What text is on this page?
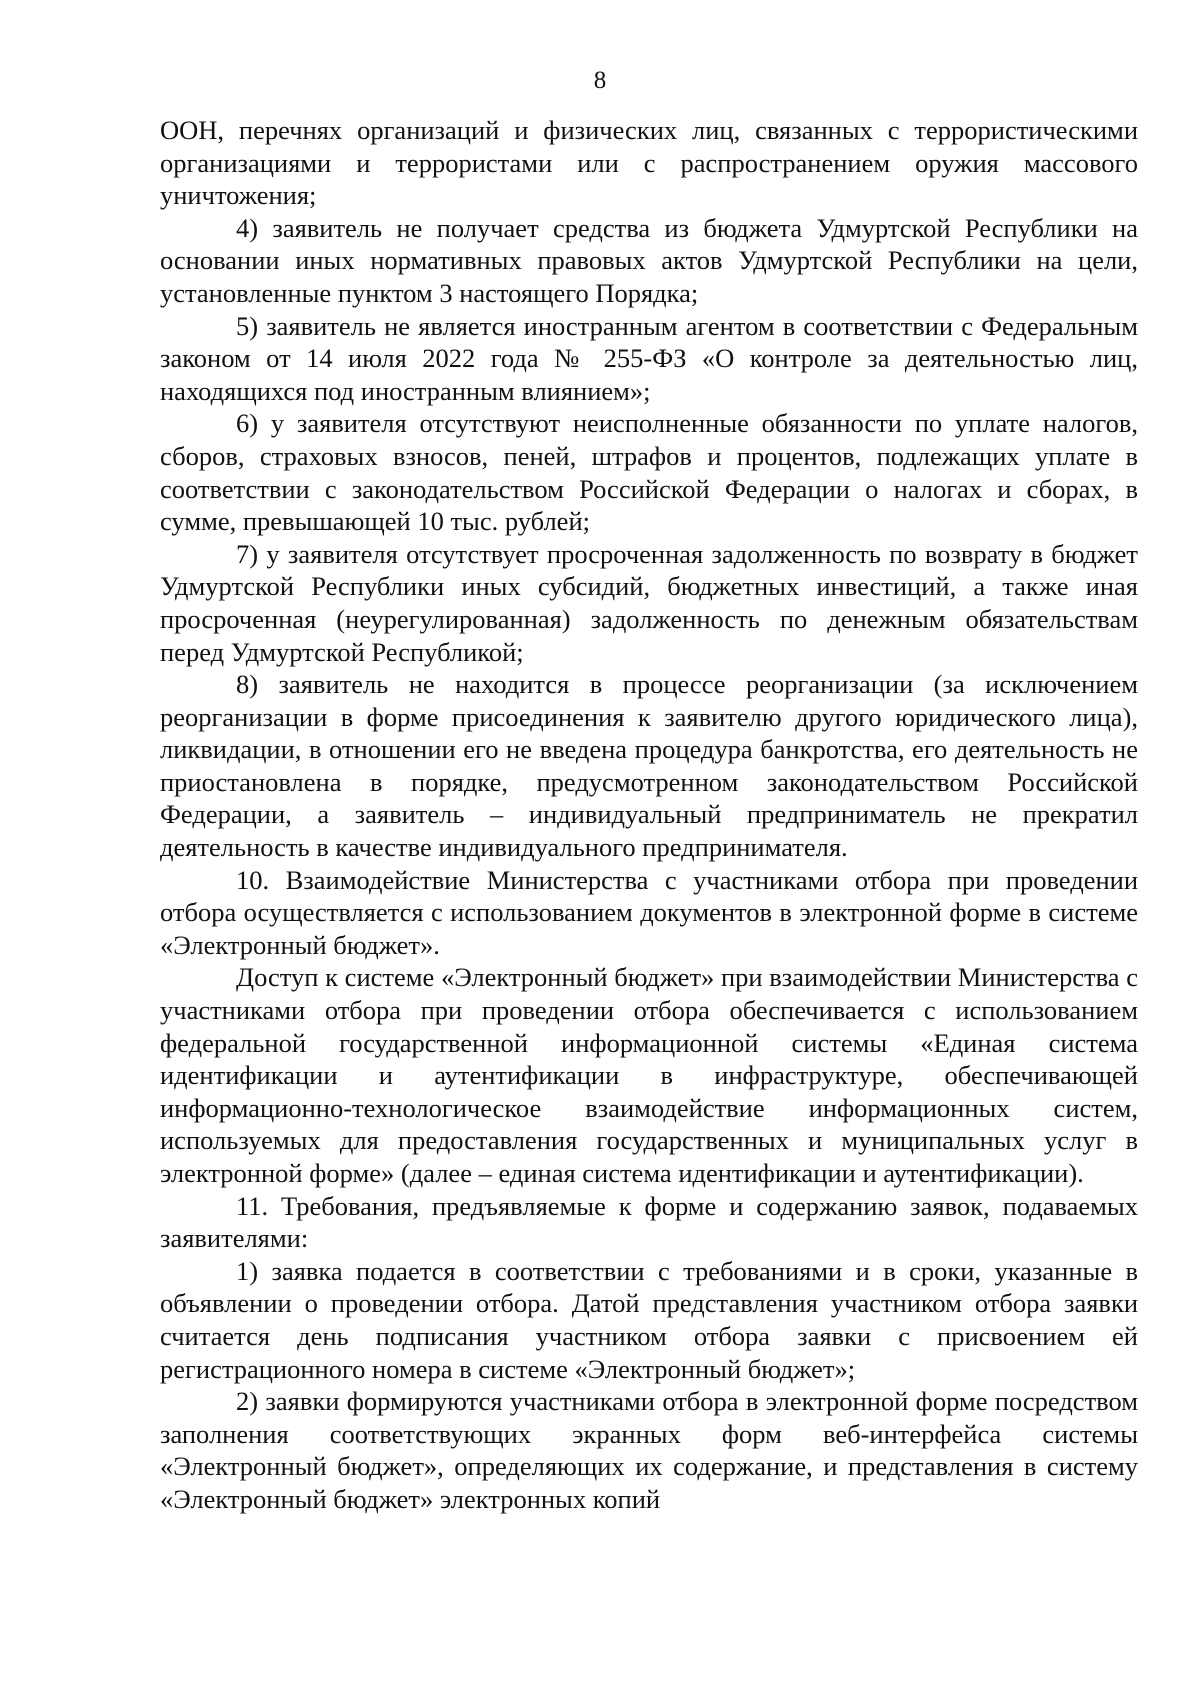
8

ООН, перечнях организаций и физических лиц, связанных с террористическими организациями и террористами или с распространением оружия массового уничтожения;

4) заявитель не получает средства из бюджета Удмуртской Республики на основании иных нормативных правовых актов Удмуртской Республики на цели, установленные пунктом 3 настоящего Порядка;

5) заявитель не является иностранным агентом в соответствии с Федеральным законом от 14 июля 2022 года № 255-ФЗ «О контроле за деятельностью лиц, находящихся под иностранным влиянием»;

6) у заявителя отсутствуют неисполненные обязанности по уплате налогов, сборов, страховых взносов, пеней, штрафов и процентов, подлежащих уплате в соответствии с законодательством Российской Федерации о налогах и сборах, в сумме, превышающей 10 тыс. рублей;

7) у заявителя отсутствует просроченная задолженность по возврату в бюджет Удмуртской Республики иных субсидий, бюджетных инвестиций, а также иная просроченная (неурегулированная) задолженность по денежным обязательствам перед Удмуртской Республикой;

8) заявитель не находится в процессе реорганизации (за исключением реорганизации в форме присоединения к заявителю другого юридического лица), ликвидации, в отношении его не введена процедура банкротства, его деятельность не приостановлена в порядке, предусмотренном законодательством Российской Федерации, а заявитель – индивидуальный предприниматель не прекратил деятельность в качестве индивидуального предпринимателя.

10. Взаимодействие Министерства с участниками отбора при проведении отбора осуществляется с использованием документов в электронной форме в системе «Электронный бюджет».

Доступ к системе «Электронный бюджет» при взаимодействии Министерства с участниками отбора при проведении отбора обеспечивается с использованием федеральной государственной информационной системы «Единая система идентификации и аутентификации в инфраструктуре, обеспечивающей информационно-технологическое взаимодействие информационных систем, используемых для предоставления государственных и муниципальных услуг в электронной форме» (далее – единая система идентификации и аутентификации).

11. Требования, предъявляемые к форме и содержанию заявок, подаваемых заявителями:

1) заявка подается в соответствии с требованиями и в сроки, указанные в объявлении о проведении отбора. Датой представления участником отбора заявки считается день подписания участником отбора заявки с присвоением ей регистрационного номера в системе «Электронный бюджет»;

2) заявки формируются участниками отбора в электронной форме посредством заполнения соответствующих экранных форм веб-интерфейса системы «Электронный бюджет», определяющих их содержание, и представления в систему «Электронный бюджет» электронных копий
